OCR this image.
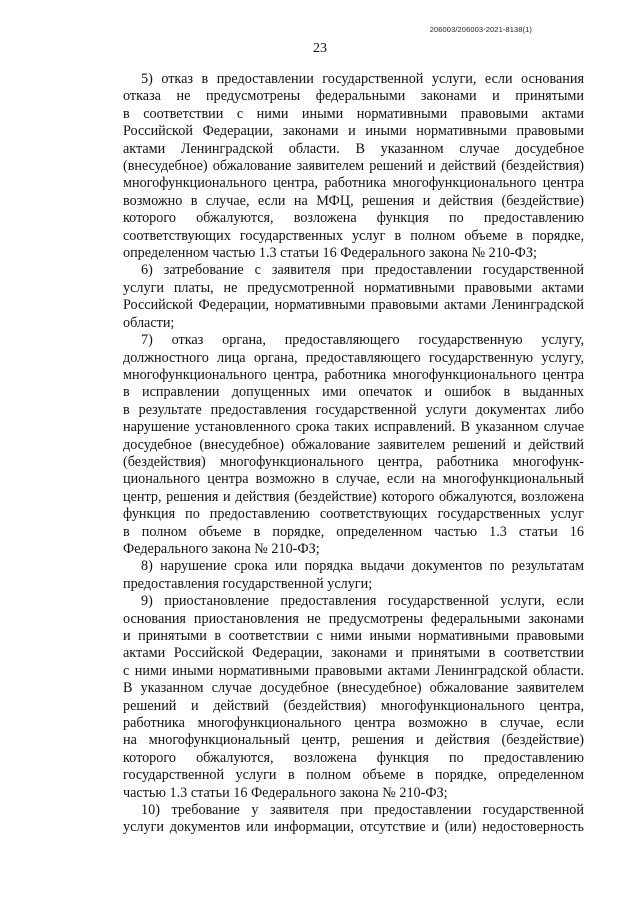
206003/206003-2021-8138(1)
23
5) отказ в предоставлении государственной услуги, если основания
отказа не предусмотрены федеральными законами и принятыми
в соответствии с ними иными нормативными правовыми актами
Российской Федерации, законами и иными нормативными правовыми
актами Ленинградской области. В указанном случае досудебное
(внесудебное) обжалование заявителем решений и действий (бездействия)
многофункционального центра, работника многофункционального центра
возможно в случае, если на МФЦ, решения и действия (бездействие)
которого обжалуются, возложена функция по предоставлению
соответствующих государственных услуг в полном объеме в порядке,
определенном частью 1.3 статьи 16 Федерального закона № 210-ФЗ;
6) затребование с заявителя при предоставлении государственной
услуги платы, не предусмотренной нормативными правовыми актами
Российской Федерации, нормативными правовыми актами Ленинградской
области;
7) отказ органа, предоставляющего государственную услугу,
должностного лица органа, предоставляющего государственную услугу,
многофункционального центра, работника многофункционального центра
в исправлении допущенных ими опечаток и ошибок в выданных
в результате предоставления государственной услуги документах либо
нарушение установленного срока таких исправлений. В указанном случае
досудебное (внесудебное) обжалование заявителем решений и действий
(бездействия) многофункционального центра, работника многофунк-
ционального центра возможно в случае, если на многофункциональный
центр, решения и действия (бездействие) которого обжалуются, возложена
функция по предоставлению соответствующих государственных услуг
в полном объеме в порядке, определенном частью 1.3 статьи 16
Федерального закона № 210-ФЗ;
8) нарушение срока или порядка выдачи документов по результатам
предоставления государственной услуги;
9) приостановление предоставления государственной услуги, если
основания приостановления не предусмотрены федеральными законами
и принятыми в соответствии с ними иными нормативными правовыми
актами Российской Федерации, законами и принятыми в соответствии
с ними иными нормативными правовыми актами Ленинградской области.
В указанном случае досудебное (внесудебное) обжалование заявителем
решений и действий (бездействия) многофункционального центра,
работника многофункционального центра возможно в случае, если
на многофункциональный центр, решения и действия (бездействие)
которого обжалуются, возложена функция по предоставлению
государственной услуги в полном объеме в порядке, определенном
частью 1.3 статьи 16 Федерального закона № 210-ФЗ;
10) требование у заявителя при предоставлении государственной
услуги документов или информации, отсутствие и (или) недостоверность
